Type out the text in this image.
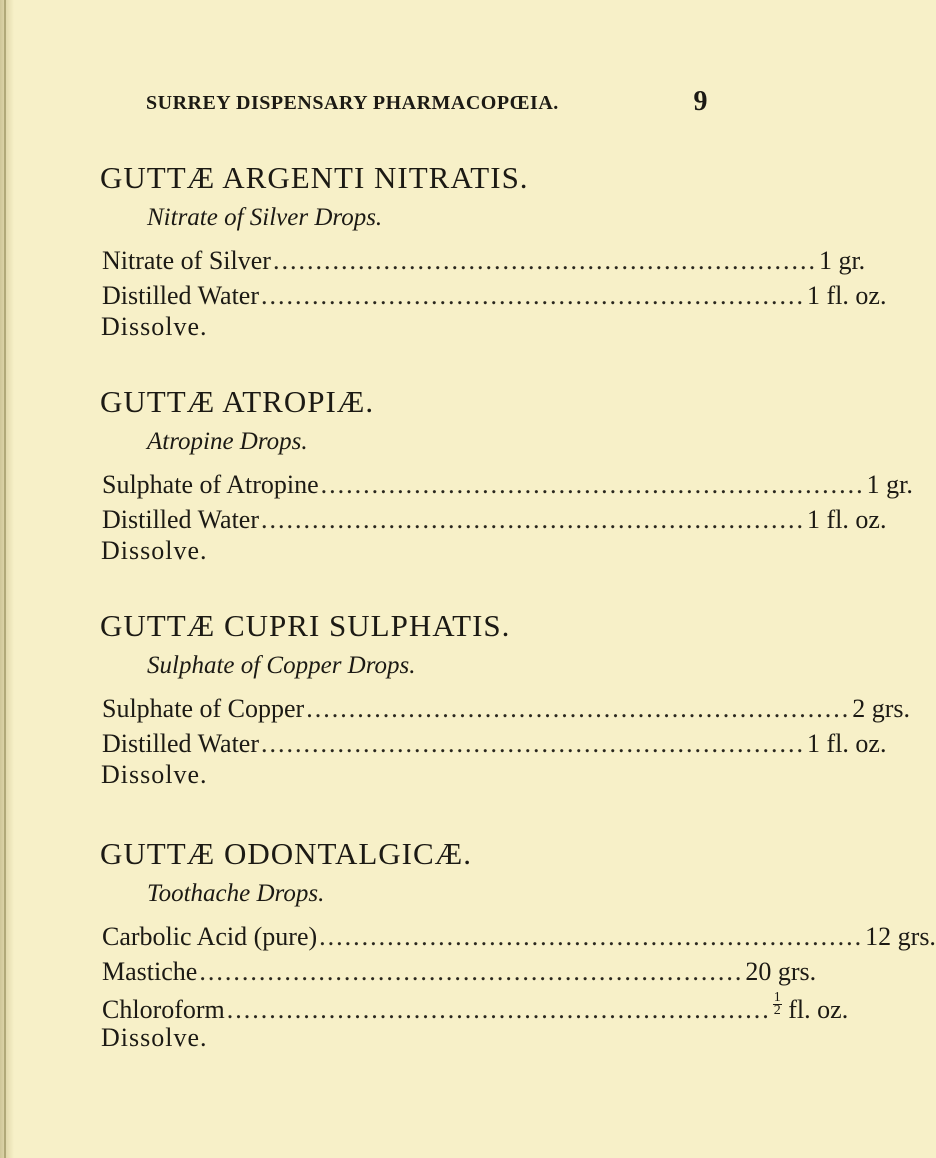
SURREY DISPENSARY PHARMACOPŒIA.	9
GUTTÆ ARGENTI NITRATIS.
Nitrate of Silver Drops.
Nitrate of Silver ................................................................ 1 gr.
Distilled Water ................................................................ 1 fl. oz.
Dissolve.
GUTTÆ ATROPIÆ.
Atropine Drops.
Sulphate of Atropine ................................................................ 1 gr.
Distilled Water ................................................................ 1 fl. oz.
Dissolve.
GUTTÆ CUPRI SULPHATIS.
Sulphate of Copper Drops.
Sulphate of Copper ................................................................ 2 grs.
Distilled Water ................................................................ 1 fl. oz.
Dissolve.
GUTTÆ ODONTALGICÆ.
Toothache Drops.
Carbolic Acid (pure) ................................................................ 12 grs.
Mastiche ................................................................ 20 grs.
Chloroform ................................................................ $\frac{1}{2}$ fl. oz.
Dissolve.
